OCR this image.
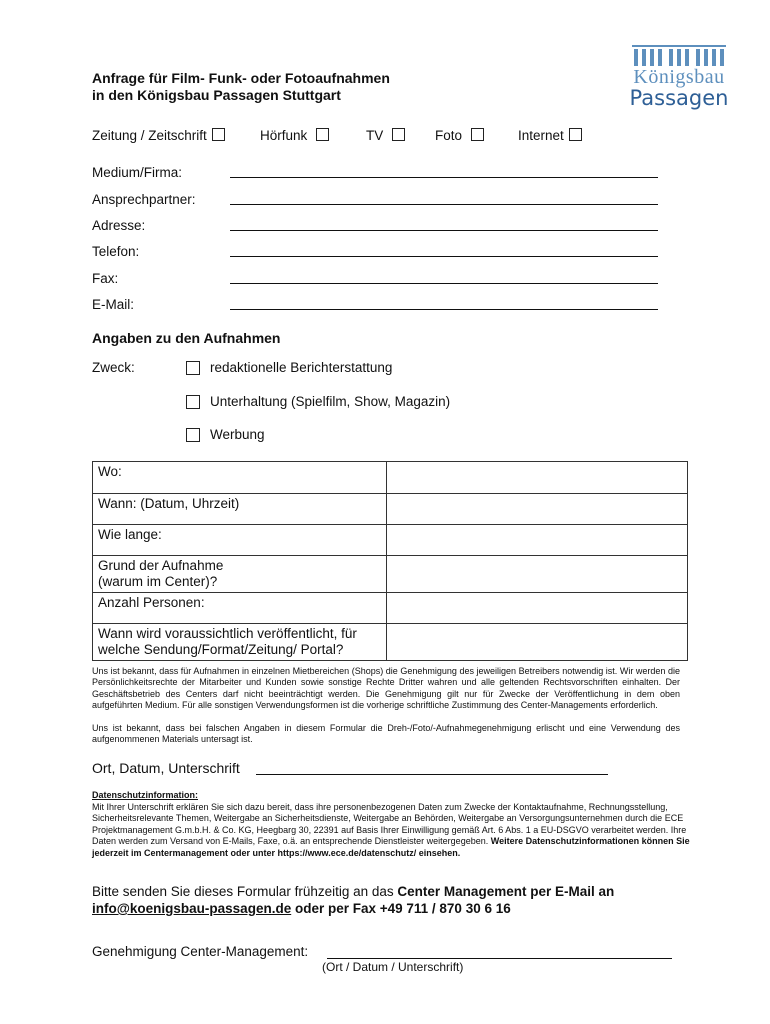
Anfrage für Film- Funk- oder Fotoaufnahmen
in den Königsbau Passagen Stuttgart
Königsbau
Passagen
Zeitung / Zeitschrift	Hörfunk	TV	Foto	Internet
Medium/Firma:
Ansprechpartner:
Adresse:
Telefon:
Fax:
E-Mail:
Angaben zu den Aufnahmen
Zweck:	redaktionelle Berichterstattung
Unterhaltung (Spielfilm, Show, Magazin)
Werbung
Wo:	

Wann: (Datum, Uhrzeit)	

Wie lange:	

Grund der Aufnahme
(warum im Center)?	

Anzahl Personen:	

Wann wird voraussichtlich veröffentlicht, für
welche Sendung/Format/Zeitung/ Portal?	

Uns ist bekannt, dass für Aufnahmen in einzelnen Mietbereichen (Shops) die Genehmigung des jeweiligen Betreibers notwendig ist. Wir werden die Persönlichkeitsrechte der Mitarbeiter und Kunden sowie sonstige Rechte Dritter wahren und alle geltenden Rechtsvorschriften einhalten. Der Geschäftsbetrieb des Centers darf nicht beeinträchtigt werden. Die Genehmigung gilt nur für Zwecke der Veröffentlichung in dem oben aufgeführten Medium. Für alle sonstigen Verwendungsformen ist die vorherige schriftliche Zustimmung des Center-Managements erforderlich.
Uns ist bekannt, dass bei falschen Angaben in diesem Formular die Dreh-/Foto/-Aufnahmegenehmigung erlischt und eine Verwendung des aufgenommenen Materials untersagt ist.
Ort, Datum, Unterschrift
Datenschutzinformation:
Mit Ihrer Unterschrift erklären Sie sich dazu bereit, dass ihre personenbezogenen Daten zum Zwecke der Kontaktaufnahme, Rechnungsstellung, Sicherheitsrelevante Themen, Weitergabe an Sicherheitsdienste, Weitergabe an Behörden, Weitergabe an Versorgungsunternehmen durch die ECE Projektmanagement G.m.b.H. & Co. KG, Heegbarg 30, 22391 auf Basis Ihrer Einwilligung gemäß Art. 6 Abs. 1 a EU-DSGVO verarbeitet werden. Ihre Daten werden zum Versand von E-Mails, Faxe, o.ä. an entsprechende Dienstleister weitergegeben. Weitere Datenschutzinformationen können Sie jederzeit im Centermanagement oder unter https://www.ece.de/datenschutz/ einsehen.
Bitte senden Sie dieses Formular frühzeitig an das Center Management per E-Mail an
info@koenigsbau-passagen.de oder per Fax +49 711 / 870 30 6 16
Genehmigung Center-Management:
(Ort / Datum / Unterschrift)
